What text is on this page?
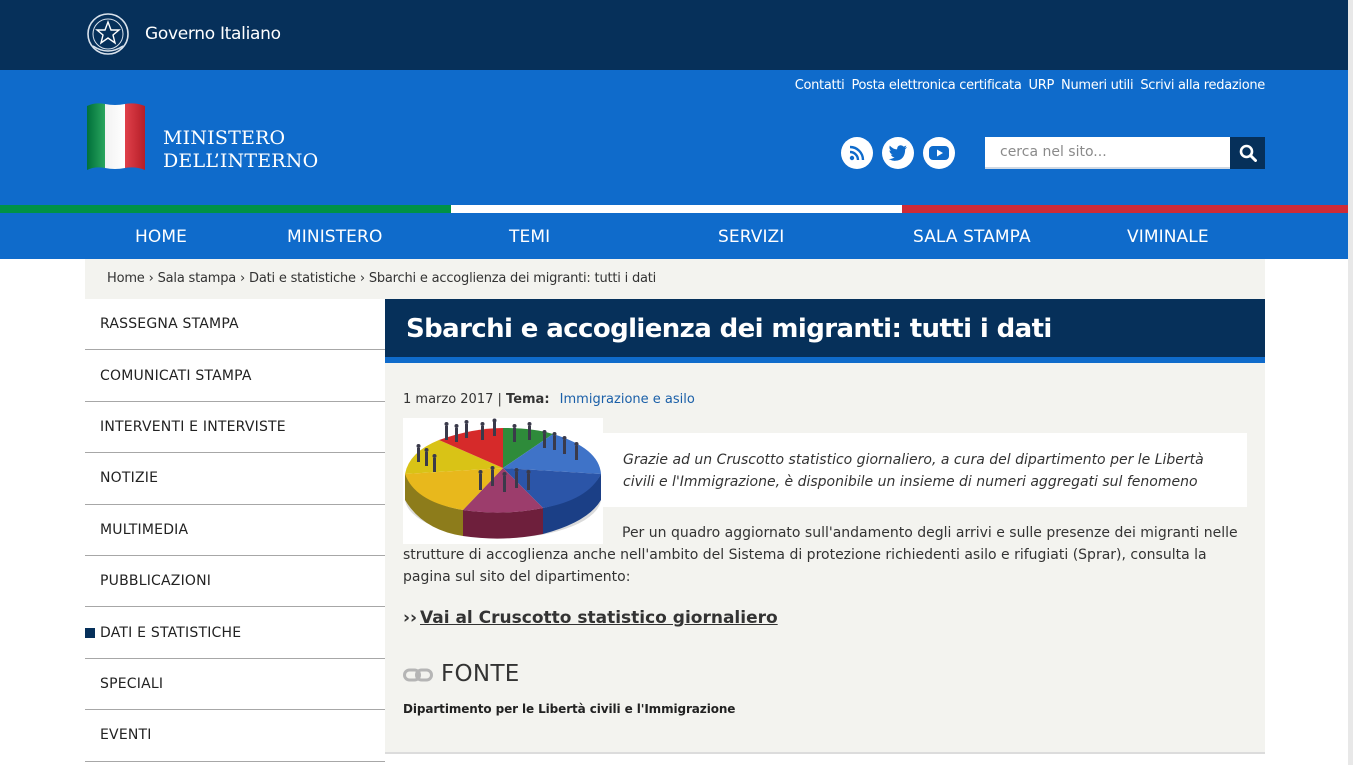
Governo Italiano
Contatti Posta elettronica certificata URP Numeri utili Scrivi alla redazione
MINISTERO
DELL’INTERNO
cerca nel sito...
HOME	MINISTERO	TEMI	SERVIZI	SALA STAMPA	VIMINALE
Home › Sala stampa › Dati e statistiche › Sbarchi e accoglienza dei migranti: tutti i dati
RASSEGNA STAMPA
COMUNICATI STAMPA
INTERVENTI E INTERVISTE
NOTIZIE
MULTIMEDIA
PUBBLICAZIONI
DATI E STATISTICHE
SPECIALI
EVENTI
Sbarchi e accoglienza dei migranti: tutti i dati
1 marzo 2017 | Tema: Immigrazione e asilo
Grazie ad un Cruscotto statistico giornaliero, a cura del dipartimento per le Libertà civili e l'Immigrazione, è disponibile un insieme di numeri aggregati sul fenomeno
Per un quadro aggiornato sull'andamento degli arrivi e sulle presenze dei migranti nelle strutture di accoglienza anche nell'ambito del Sistema di protezione richiedenti asilo e rifugiati (Sprar), consulta la pagina sul sito del dipartimento:
›› Vai al Cruscotto statistico giornaliero
FONTE
Dipartimento per le Libertà civili e l'Immigrazione
